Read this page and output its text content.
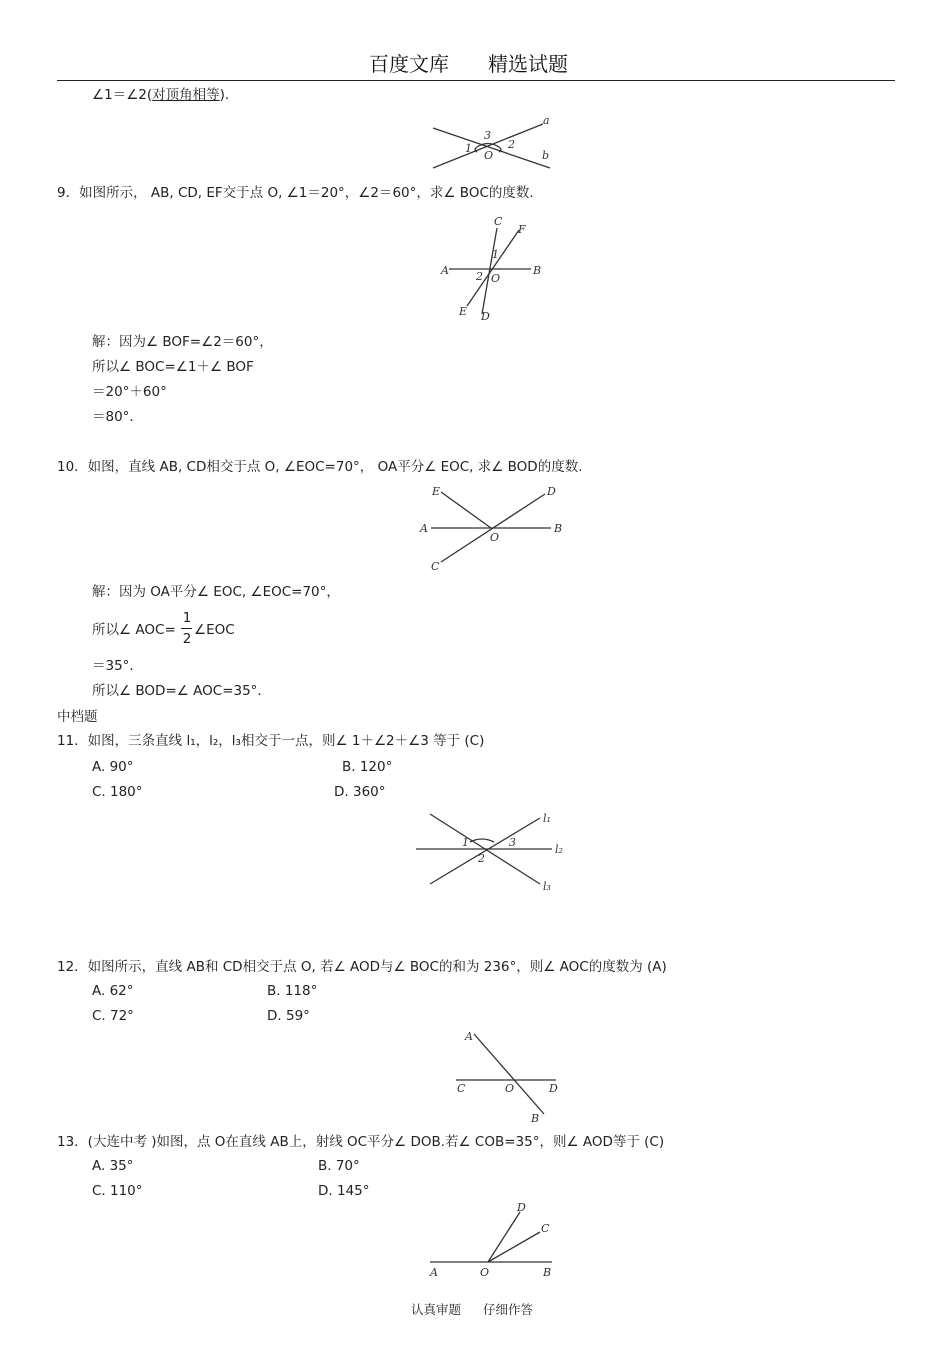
百度文库 精选试题
∠1＝∠2(对顶角相等)．
a
b
1	2
3
O
9．如图所示， AB, CD, EF交于点 O, ∠1＝20°，∠2＝60°，求∠ BOC的度数.
A	B
C
D
E
F
1
2 O
解：因为∠ BOF=∠2＝60°，
所以∠ BOC=∠1＋∠ BOF
＝20°＋60°
＝80°．
10．如图，直线 AB, CD相交于点 O, ∠EOC=70°， OA平分∠ EOC, 求∠ BOD的度数.
A	B
C
D
E
O
解：因为 OA平分∠ EOC, ∠EOC=70°，
所以∠ AOC=
1
2
∠EOC
＝35°．
所以∠ BOD=∠ AOC=35°．
中档题
11．如图，三条直线 l₁，l₂，l₃相交于一点，则∠ 1＋∠2＋∠3 等于 (C)
A. 90°	B. 120°
C. 180°	D. 360°
l₁
l₂
l₃
1
2
3
12．如图所示，直线 AB和 CD相交于点 O, 若∠ AOD与∠ BOC的和为 236°，则∠ AOC的度数为 (A)
A. 62°	B. 118°
C. 72°	D. 59°
A
B
C	D
O
13．(大连中考 )如图，点 O在直线 AB上，射线 OC平分∠ DOB.若∠ COB=35°，则∠ AOD等于 (C)
A. 35°	B. 70°
C. 110°	D. 145°
A	B
C
D
O
认真审题 仔细作答
